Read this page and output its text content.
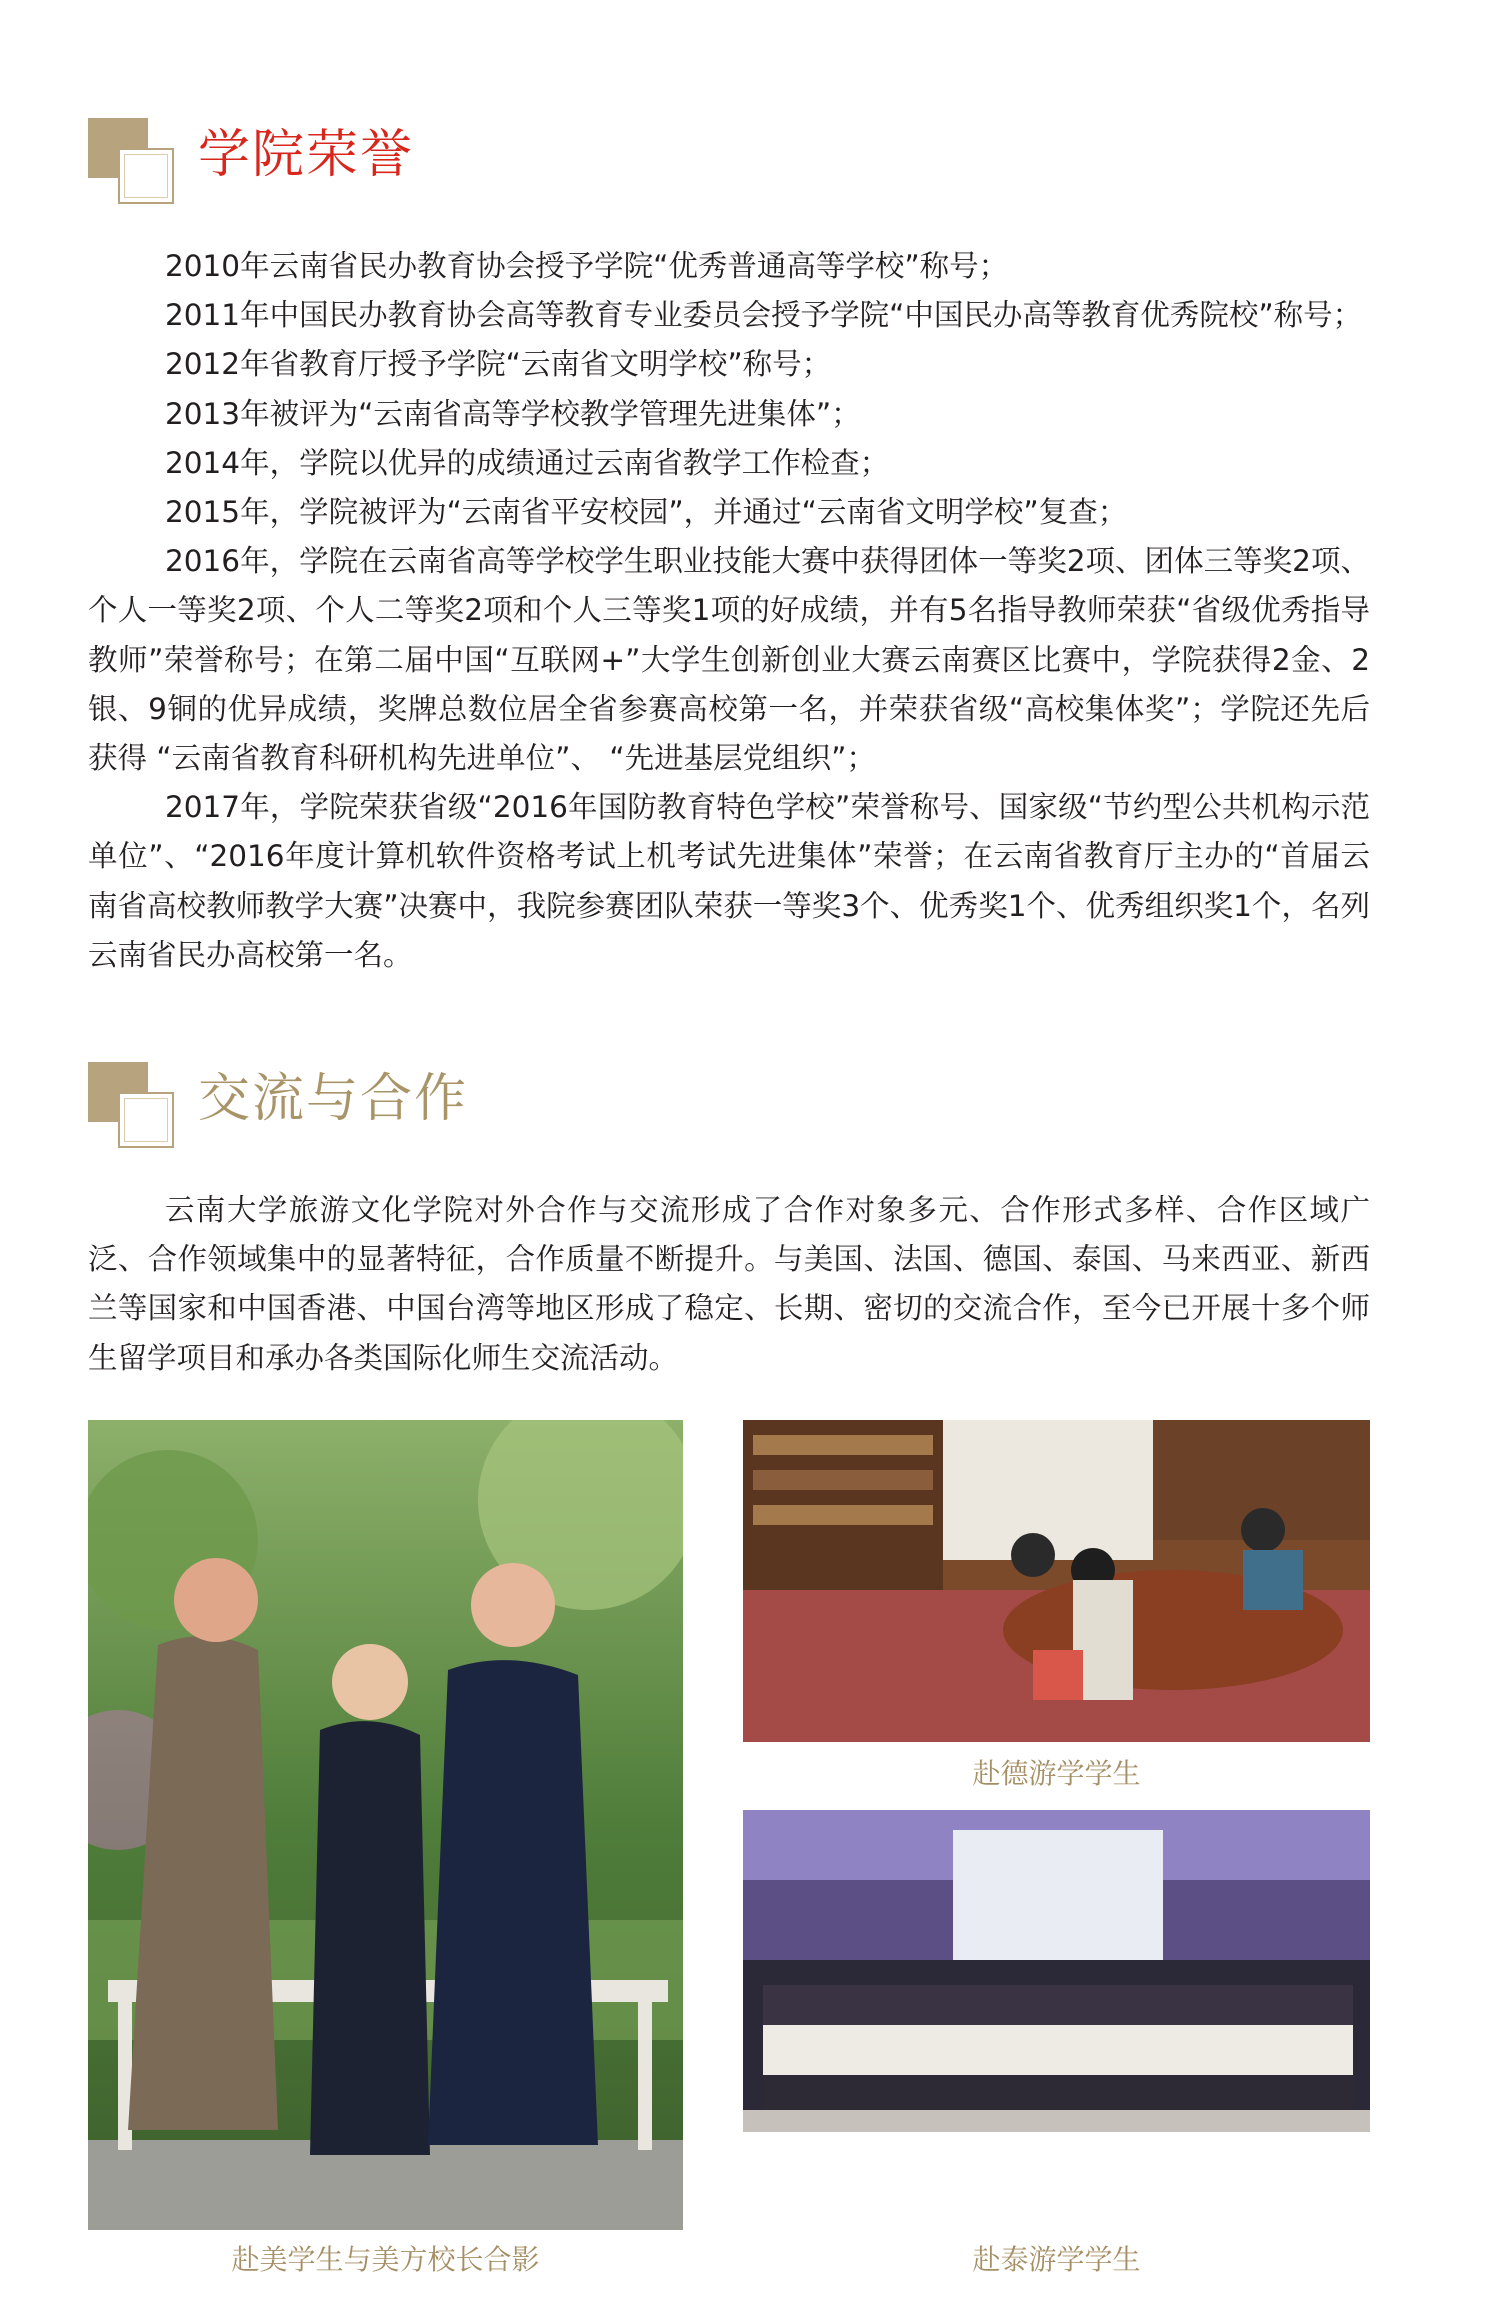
学院荣誉

2010年云南省民办教育协会授予学院“优秀普通高等学校”称号；

2011年中国民办教育协会高等教育专业委员会授予学院“中国民办高等教育优秀院校”称号；

2012年省教育厅授予学院“云南省文明学校”称号；

2013年被评为“云南省高等学校教学管理先进集体”；

2014年，学院以优异的成绩通过云南省教学工作检查；

2015年，学院被评为“云南省平安校园”，并通过“云南省文明学校”复查；

2016年，学院在云南省高等学校学生职业技能大赛中获得团体一等奖2项、团体三等奖2项、个人一等奖2项、个人二等奖2项和个人三等奖1项的好成绩，并有5名指导教师荣获“省级优秀指导教师”荣誉称号；在第二届中国“互联网+”大学生创新创业大赛云南赛区比赛中，学院获得2金、2银、9铜的优异成绩，奖牌总数位居全省参赛高校第一名，并荣获省级“高校集体奖”；学院还先后获得 “云南省教育科研机构先进单位”、 “先进基层党组织”；

2017年，学院荣获省级“2016年国防教育特色学校”荣誉称号、国家级“节约型公共机构示范单位”、“2016年度计算机软件资格考试上机考试先进集体”荣誉；在云南省教育厅主办的“首届云南省高校教师教学大赛”决赛中，我院参赛团队荣获一等奖3个、优秀奖1个、优秀组织奖1个，名列云南省民办高校第一名。

交流与合作

云南大学旅游文化学院对外合作与交流形成了合作对象多元、合作形式多样、合作区域广泛、合作领域集中的显著特征，合作质量不断提升。与美国、法国、德国、泰国、马来西亚、新西兰等国家和中国香港、中国台湾等地区形成了稳定、长期、密切的交流合作，至今已开展十多个师生留学项目和承办各类国际化师生交流活动。

赴美学生与美方校长合影
赴德游学学生
赴泰游学学生
